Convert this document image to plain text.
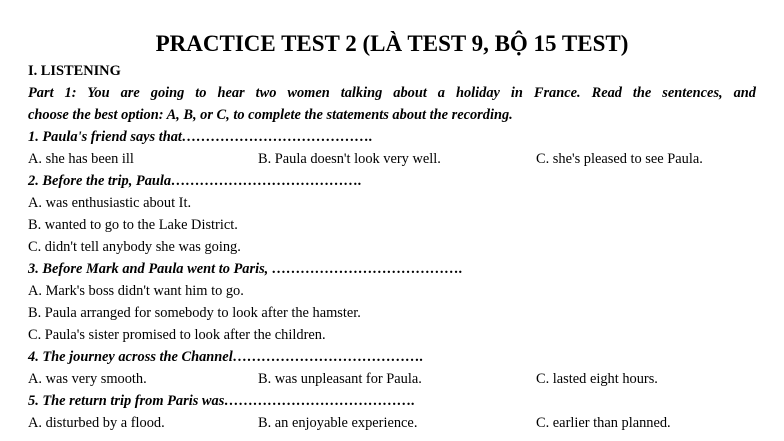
PRACTICE TEST 2 (LÀ TEST 9, BỘ 15 TEST)
I. LISTENING
Part 1: You are going to hear two women talking about a holiday in France. Read the sentences, and
choose the best option: A, B, or C, to complete the statements about the recording.
1. Paula's friend says that………………………………….
A. she has been ill	B. Paula doesn't look very well.	C. she's pleased to see Paula.
2. Before the trip, Paula………………………………….
A. was enthusiastic about It.
B. wanted to go to the Lake District.
C. didn't tell anybody she was going.
3. Before Mark and Paula went to Paris, ………………………………….
A. Mark's boss didn't want him to go.
B. Paula arranged for somebody to look after the hamster.
C. Paula's sister promised to look after the children.
4. The journey across the Channel………………………………….
A. was very smooth.	B. was unpleasant for Paula.	C. lasted eight hours.
5. The return trip from Paris was………………………………….
A. disturbed by a flood.	B. an enjoyable experience.	C. earlier than planned.
